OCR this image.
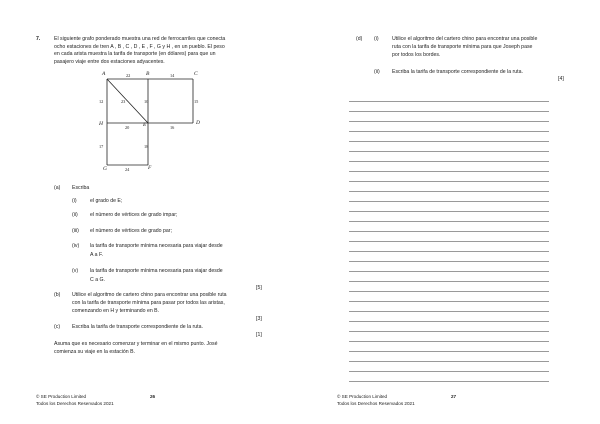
7.	El siguiente grafo ponderado muestra una red de ferrocarriles que conecta
ocho estaciones de tren A , B , C , D , E , F , G y H , en un pueblo. El peso
en cada arista muestra la tarifa de transporte (en dólares) para que un
pasajero viaje entre dos estaciones adyacentes.
A	B	C
D
E
F
G
H
22	14
12	23	10	15
20	16
17	18
24
(a) Escriba
(i)	el grado de E;
(ii) el número de vértices de grado impar;
(iii) el número de vértices de grado par;
(iv) la tarifa de transporte mínima necesaria para viajar desde
A a F.
(v) la tarifa de transporte mínima necesaria para viajar desde
C a G.
[5]
(b) Utilice el algoritmo de cartero chino para encontrar una posible ruta
con la tarifa de transporte mínima para pasar por todos las aristas,
comenzando en H y terminando en B.
[3]
(c) Escriba la tarifa de transporte correspondiente de la ruta.
[1]
Asuma que es necesario comenzar y terminar en el mismo punto. José
comienza su viaje en la estación B.
© SE Production Limited
Todos los Derechos Reservados 2021
26
(d) (i)	Utilice el algoritmo del cartero chino para encontrar una posible
ruta con la tarifa de transporte mínima para que Joseph pase
por todos los bordes.
(ii) Escriba la tarifa de transporte correspondiente de la ruta.
[4]
© SE Production Limited
Todos los Derechos Reservados 2021
27
